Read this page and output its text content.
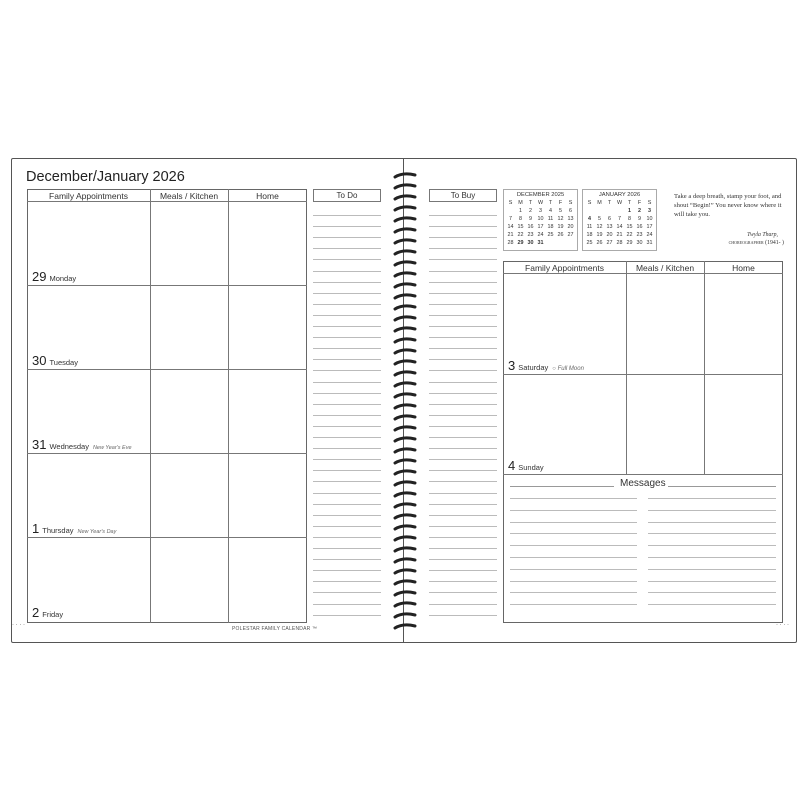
· · · ·	· · · ·
December/January 2026
Family Appointments	Meals / Kitchen	Home
29 Monday
30 Tuesday
31 Wednesday New Year's Eve
1 Thursday New Year's Day
2 Friday
POLESTAR FAMILY CALENDAR ™
To Do	To Buy	DECEMBER 2025
S	M	T	W	T	F	S
	1	2	3	4	5	6
7	8	9	10	11	12	13
14	15	16	17	18	19	20
21	22	23	24	25	26	27
28	29	30	31			
JANUARY 2026
S	M	T	W	T	F	S
				1	2	3
4	5	6	7	8	9	10
11	12	13	14	15	16	17
18	19	20	21	22	23	24
25	26	27	28	29	30	31
Take a deep breath, stamp your foot, and shout “Begin!” You never know where it will take you.
Twyla Tharp,
choreographer (1941- )
Family Appointments	Meals / Kitchen	Home
3 Saturday ○ Full Moon
4 Sunday
Messages
